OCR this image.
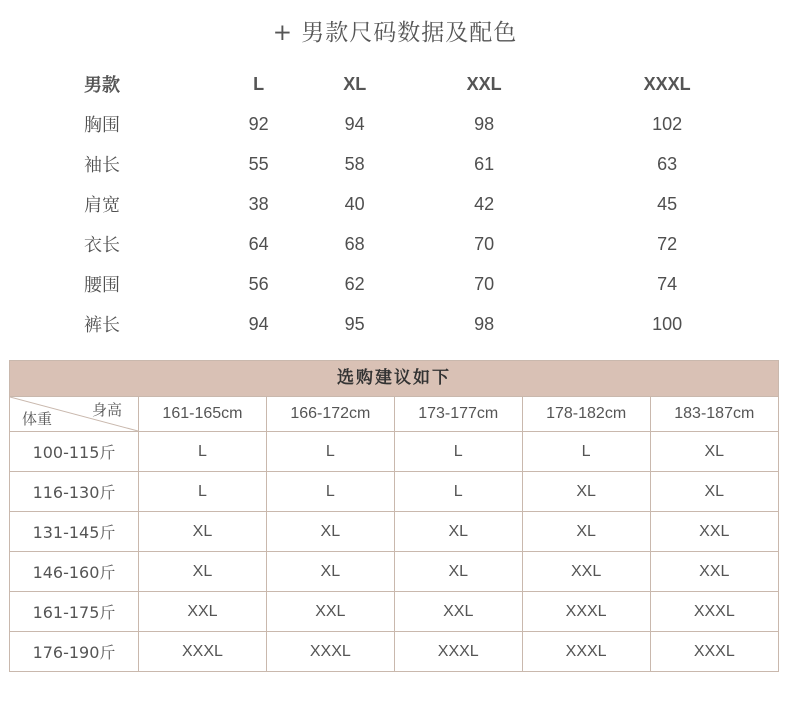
+ 男款尺码数据及配色
男款	L	XL	XXL	XXXL
胸围	92	94	98	102
袖长	55	58	61	63
肩宽	38	40	42	45
衣长	64	68	70	72
腰围	56	62	70	74
裤长	94	95	98	100
选购建议如下
身高
体重	161-165cm	166-172cm	173-177cm	178-182cm	183-187cm
100-115斤	L	L	L	L	XL
116-130斤	L	L	L	XL	XL
131-145斤	XL	XL	XL	XL	XXL
146-160斤	XL	XL	XL	XXL	XXL
161-175斤	XXL	XXL	XXL	XXXL	XXXL
176-190斤	XXXL	XXXL	XXXL	XXXL	XXXL
